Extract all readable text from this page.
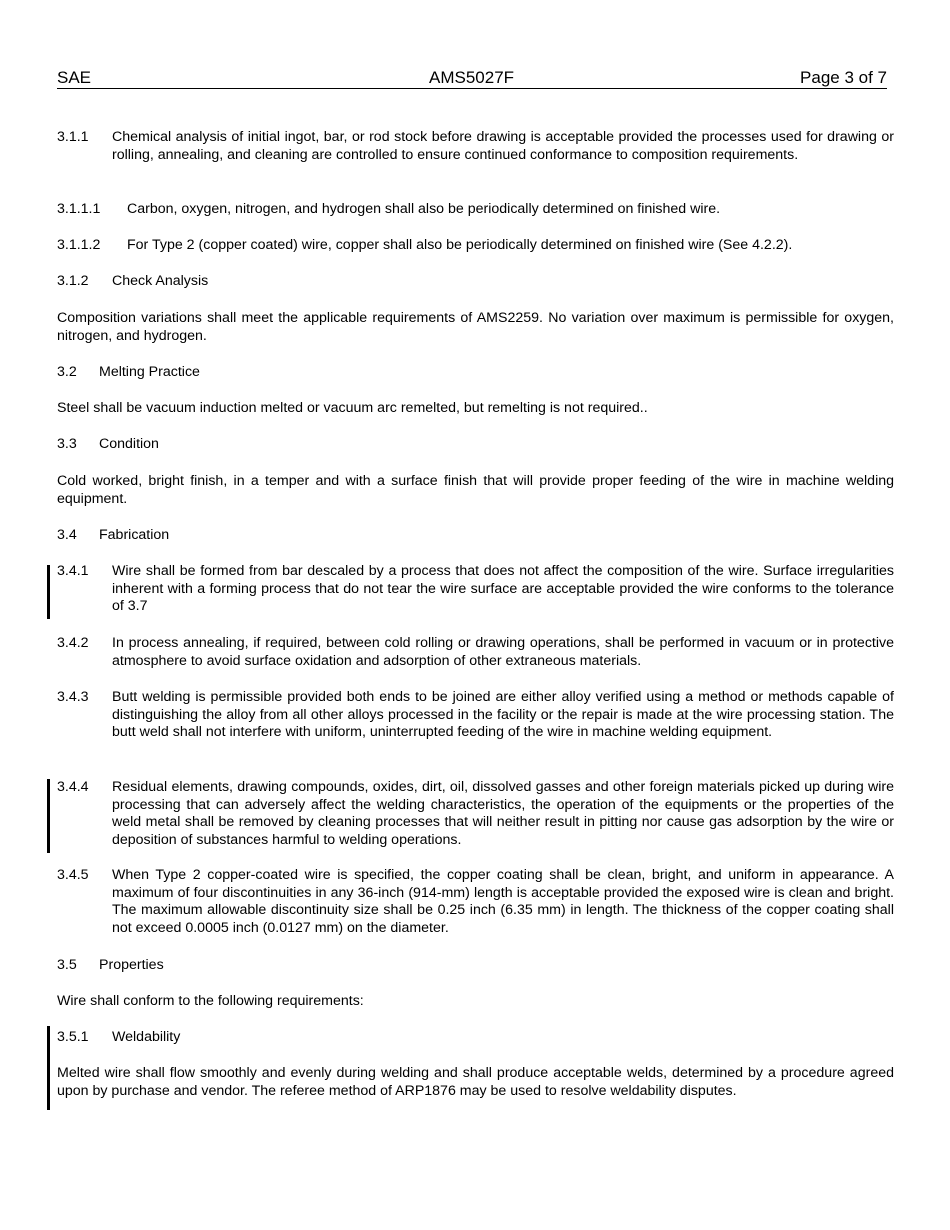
SAE	AMS5027F	Page 3 of 7
3.1.1 Chemical analysis of initial ingot, bar, or rod stock before drawing is acceptable provided the processes used for drawing or rolling, annealing, and cleaning are controlled to ensure continued conformance to composition requirements.
3.1.1.1 Carbon, oxygen, nitrogen, and hydrogen shall also be periodically determined on finished wire.
3.1.1.2 For Type 2 (copper coated) wire, copper shall also be periodically determined on finished wire (See 4.2.2).
3.1.2 Check Analysis
Composition variations shall meet the applicable requirements of AMS2259. No variation over maximum is permissible for oxygen, nitrogen, and hydrogen.
3.2 Melting Practice
Steel shall be vacuum induction melted or vacuum arc remelted, but remelting is not required..
3.3 Condition
Cold worked, bright finish, in a temper and with a surface finish that will provide proper feeding of the wire in machine welding equipment.
3.4 Fabrication
3.4.1 Wire shall be formed from bar descaled by a process that does not affect the composition of the wire. Surface irregularities inherent with a forming process that do not tear the wire surface are acceptable provided the wire conforms to the tolerance of 3.7
3.4.2 In process annealing, if required, between cold rolling or drawing operations, shall be performed in vacuum or in protective atmosphere to avoid surface oxidation and adsorption of other extraneous materials.
3.4.3 Butt welding is permissible provided both ends to be joined are either alloy verified using a method or methods capable of distinguishing the alloy from all other alloys processed in the facility or the repair is made at the wire processing station. The butt weld shall not interfere with uniform, uninterrupted feeding of the wire in machine welding equipment.
3.4.4 Residual elements, drawing compounds, oxides, dirt, oil, dissolved gasses and other foreign materials picked up during wire processing that can adversely affect the welding characteristics, the operation of the equipments or the properties of the weld metal shall be removed by cleaning processes that will neither result in pitting nor cause gas adsorption by the wire or deposition of substances harmful to welding operations.
3.4.5 When Type 2 copper-coated wire is specified, the copper coating shall be clean, bright, and uniform in appearance. A maximum of four discontinuities in any 36-inch (914-mm) length is acceptable provided the exposed wire is clean and bright. The maximum allowable discontinuity size shall be 0.25 inch (6.35 mm) in length. The thickness of the copper coating shall not exceed 0.0005 inch (0.0127 mm) on the diameter.
3.5 Properties
Wire shall conform to the following requirements:
3.5.1 Weldability
Melted wire shall flow smoothly and evenly during welding and shall produce acceptable welds, determined by a procedure agreed upon by purchase and vendor. The referee method of ARP1876 may be used to resolve weldability disputes.
